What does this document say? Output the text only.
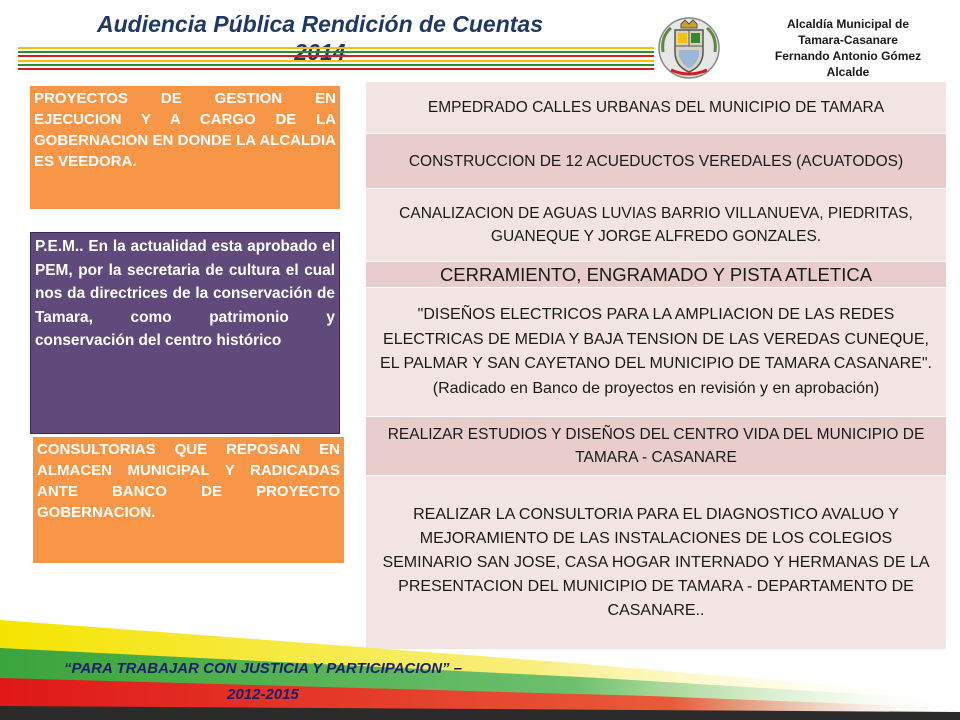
Audiencia Pública Rendición de Cuentas	Alcaldía Municipal de
Tamara-Casanare
Fernando Antonio Gómez
Alcalde
PROYECTOS DE GESTION EN EJECUCION Y A CARGO DE LA GOBERNACION EN DONDE LA ALCALDIA ES VEEDORA.
P.E.M.. En la actualidad esta aprobado el PEM, por la secretaria de cultura el cual nos da directrices de la conservación de Tamara, como patrimonio y conservación del centro histórico
CONSULTORIAS QUE REPOSAN EN ALMACEN MUNICIPAL Y RADICADAS ANTE BANCO DE PROYECTO GOBERNACION.
EMPEDRADO CALLES URBANAS DEL MUNICIPIO DE TAMARA
CONSTRUCCION DE 12 ACUEDUCTOS VEREDALES (ACUATODOS)
CANALIZACION DE AGUAS LUVIAS BARRIO VILLANUEVA, PIEDRITAS, GUANEQUE Y JORGE ALFREDO GONZALES.
CERRAMIENTO, ENGRAMADO Y PISTA ATLETICA
"DISEÑOS ELECTRICOS PARA LA AMPLIACION DE LAS REDES ELECTRICAS DE MEDIA Y BAJA TENSION DE LAS VEREDAS CUNEQUE, EL PALMAR Y SAN CAYETANO DEL MUNICIPIO DE TAMARA CASANARE". (Radicado en Banco de proyectos en revisión y en aprobación)
REALIZAR ESTUDIOS Y DISEÑOS DEL CENTRO VIDA DEL MUNICIPIO DE TAMARA - CASANARE
REALIZAR LA CONSULTORIA PARA EL DIAGNOSTICO AVALUO Y MEJORAMIENTO DE LAS INSTALACIONES DE LOS COLEGIOS SEMINARIO SAN JOSE, CASA HOGAR INTERNADO Y HERMANAS DE LA PRESENTACION DEL MUNICIPIO DE TAMARA - DEPARTAMENTO DE CASANARE..
“PARA TRABAJAR CON JUSTICIA Y PARTICIPACION” –
2012-2015
